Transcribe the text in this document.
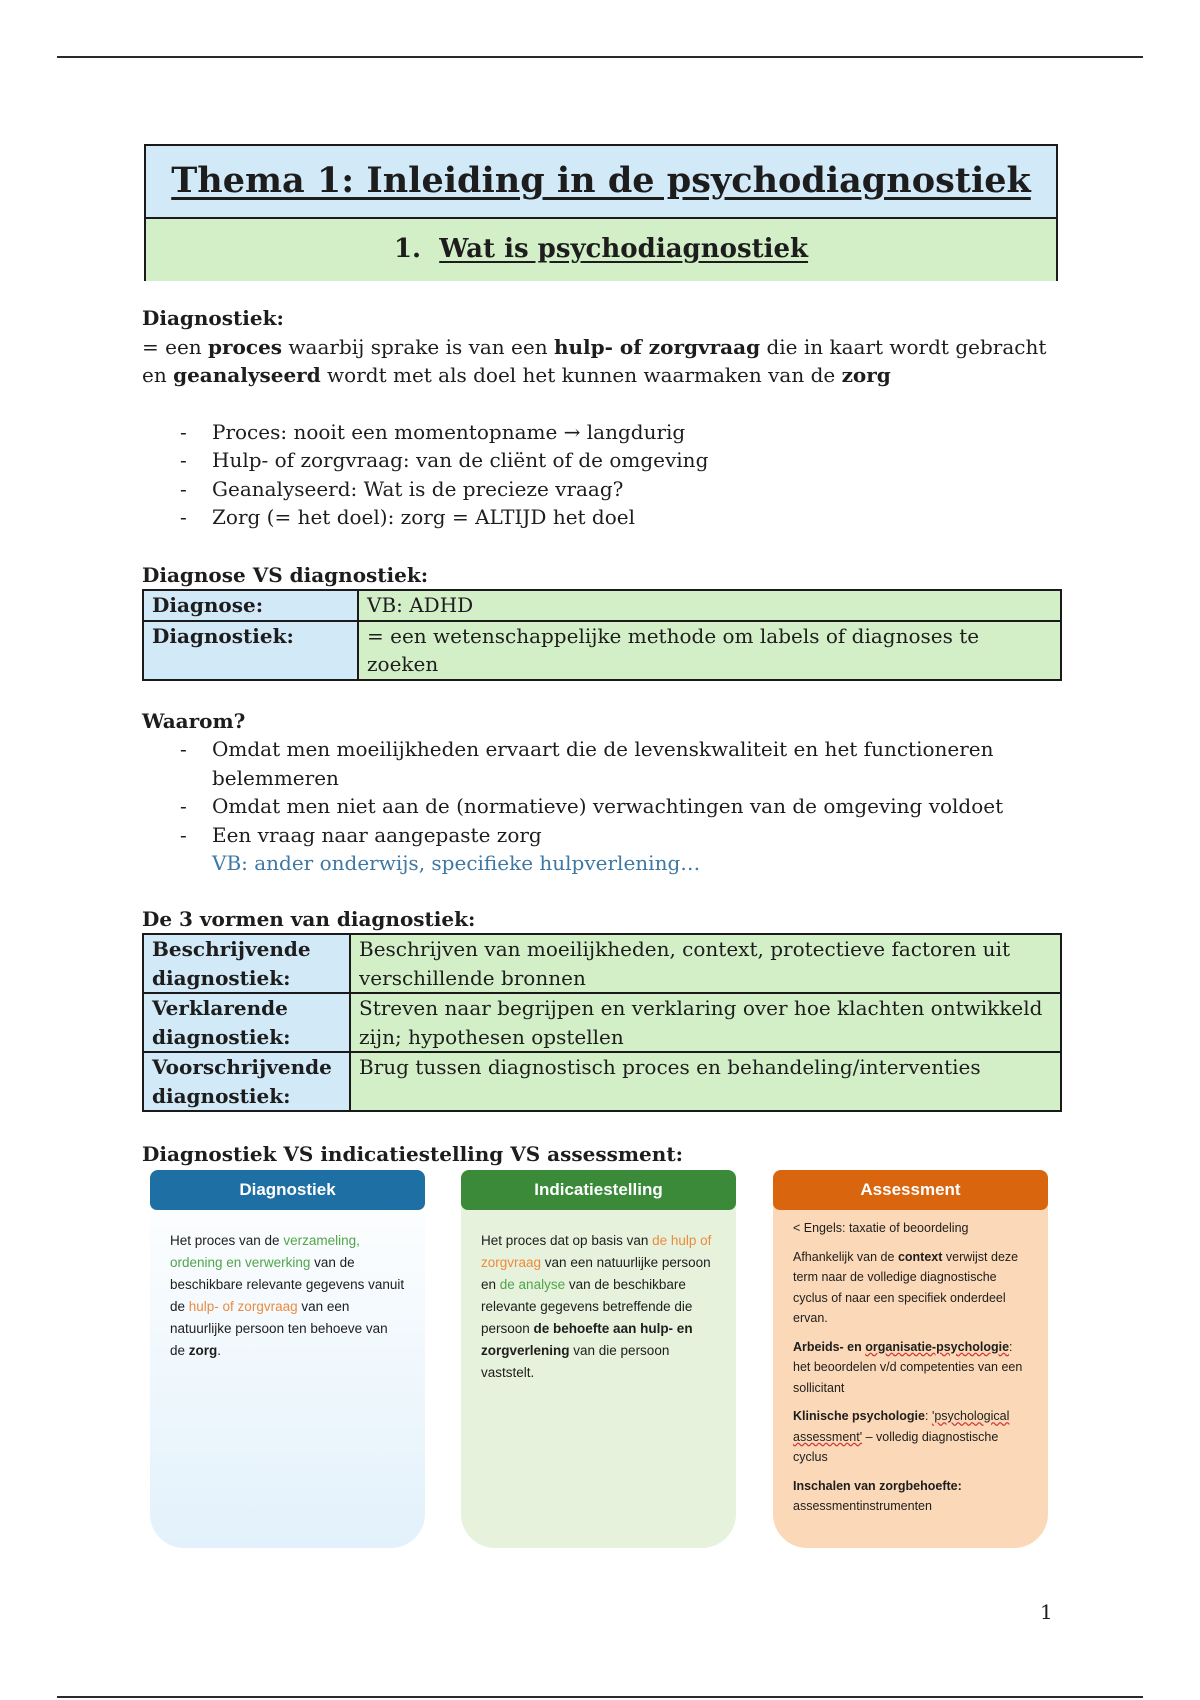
Thema 1: Inleiding in de psychodiagnostiek
1. Wat is psychodiagnostiek

Diagnostiek:

= een proces waarbij sprake is van een hulp- of zorgvraag die in kaart wordt gebracht en geanalyseerd wordt met als doel het kunnen waarmaken van de zorg

- Proces: nooit een momentopname → langdurig
- Hulp- of zorgvraag: van de cliënt of de omgeving
- Geanalyseerd: Wat is de precieze vraag?
- Zorg (= het doel): zorg = ALTIJD het doel

Diagnose VS diagnostiek:

Diagnose:	VB: ADHD
Diagnostiek:	= een wetenschappelijke methode om labels of diagnoses te zoeken

Waarom?

- Omdat men moeilijkheden ervaart die de levenskwaliteit en het functioneren belemmeren
- Omdat men niet aan de (normatieve) verwachtingen van de omgeving voldoet
- Een vraag naar aangepaste zorg
VB: ander onderwijs, specifieke hulpverlening…

De 3 vormen van diagnostiek:

Beschrijvende diagnostiek:	Beschrijven van moeilijkheden, context, protectieve factoren uit verschillende bronnen
Verklarende diagnostiek:	Streven naar begrijpen en verklaring over hoe klachten ontwikkeld zijn; hypothesen opstellen
Voorschrijvende diagnostiek:	Brug tussen diagnostisch proces en behandeling/interventies

Diagnostiek VS indicatiestelling VS assessment:

Diagnostiek
Het proces van de verzameling, ordening en verwerking van de beschikbare relevante gegevens vanuit de hulp- of zorgvraag van een natuurlijke persoon ten behoeve van de zorg.
Indicatiestelling
Het proces dat op basis van de hulp of zorgvraag van een natuurlijke persoon en de analyse van de beschikbare relevante gegevens betreffende die persoon de behoefte aan hulp- en zorgverlening van die persoon vaststelt.
Assessment

< Engels: taxatie of beoordeling

Afhankelijk van de context verwijst deze term naar de volledige diagnostische cyclus of naar een specifiek onderdeel ervan.

Arbeids- en organisatie-psychologie: het beoordelen v/d competenties van een sollicitant

Klinische psychologie: 'psychological assessment' – volledig diagnostische cyclus

Inschalen van zorgbehoefte: assessmentinstrumenten

1
